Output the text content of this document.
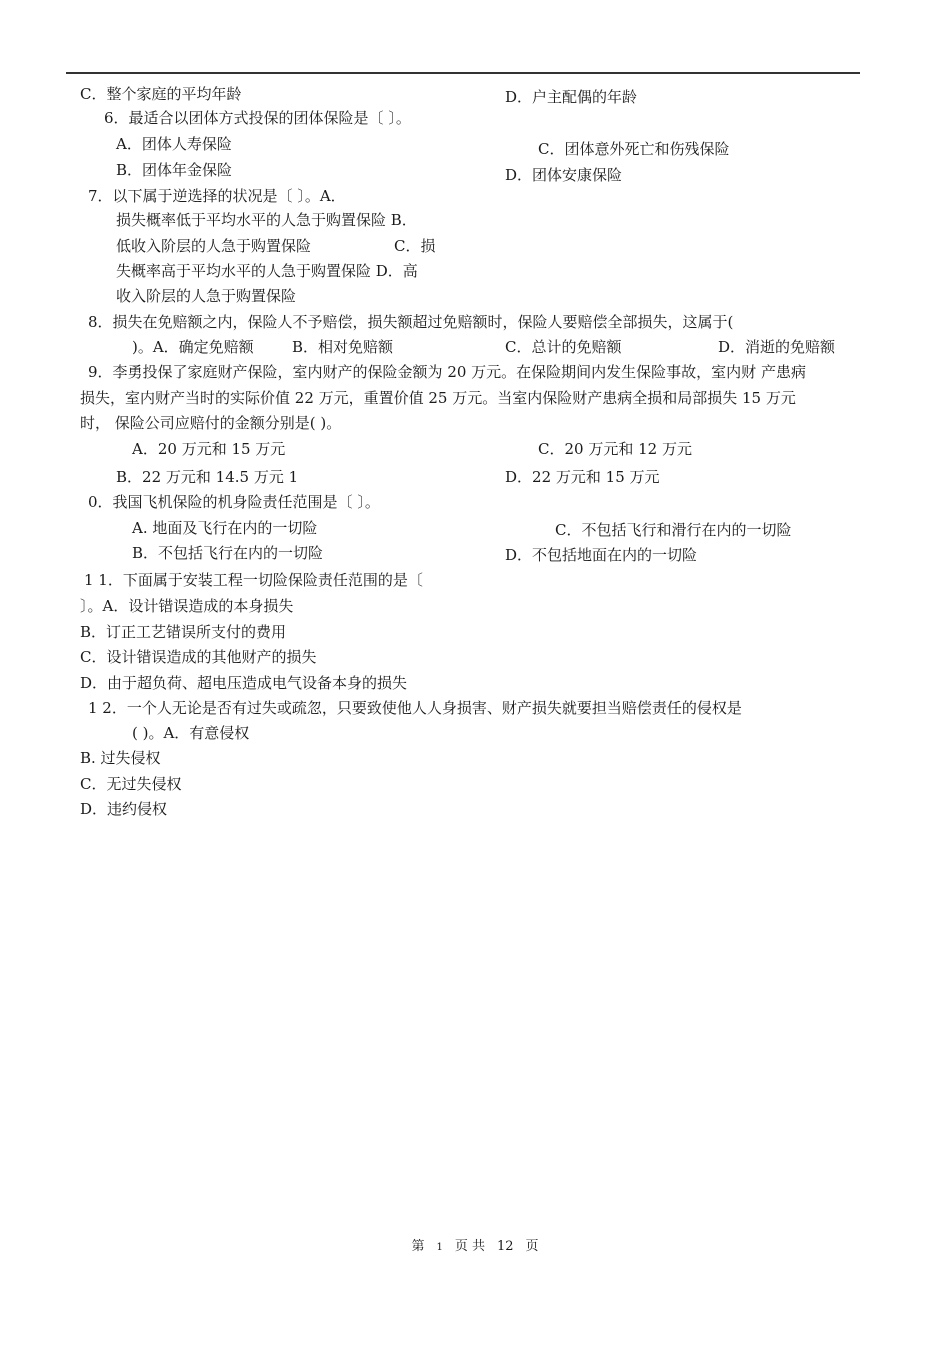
C．整个家庭的平均年龄	D．户主配偶的年龄
6．最适合以团体方式投保的团体保险是〔 〕。
A．团体人寿保险	C．团体意外死亡和伤残保险
B．团体年金保险	D．团体安康保险
7．以下属于逆选择的状况是〔 〕。A．
损失概率低于平均水平的人急于购置保险 B．
低收入阶层的人急于购置保险	C．损
失概率高于平均水平的人急于购置保险 D．高
收入阶层的人急于购置保险
8．损失在免赔额之内，保险人不予赔偿，损失额超过免赔额时，保险人要赔偿全部损失，这属于(
)。A．确定免赔额	B．相对免赔额	C．总计的免赔额	D．消逝的免赔额
9．李勇投保了家庭财产保险，室内财产的保险金额为 20 万元。在保险期间内发生保险事故，室内财 产患病
损失，室内财产当时的实际价值 22 万元，重置价值 25 万元。当室内保险财产患病全损和局部损失 15 万元
时， 保险公司应赔付的金额分别是( )。
A．20 万元和 15 万元	C．20 万元和 12 万元
B．22 万元和 14.5 万元 1	D．22 万元和 15 万元
0．我国飞机保险的机身险责任范围是〔 〕。
A. 地面及飞行在内的一切险	C．不包括飞行和滑行在内的一切险
B．不包括飞行在内的一切险	D．不包括地面在内的一切险
1 1．下面属于安装工程一切险保险责任范围的是〔
〕。A．设计错误造成的本身损失
B．订正工艺错误所支付的费用
C．设计错误造成的其他财产的损失
D．由于超负荷、超电压造成电气设备本身的损失
1 2．一个人无论是否有过失或疏忽，只要致使他人人身损害、财产损失就要担当赔偿责任的侵权是
( )。A．有意侵权
B. 过失侵权
C．无过失侵权
D．违约侵权
第 1 页 共 12 页
